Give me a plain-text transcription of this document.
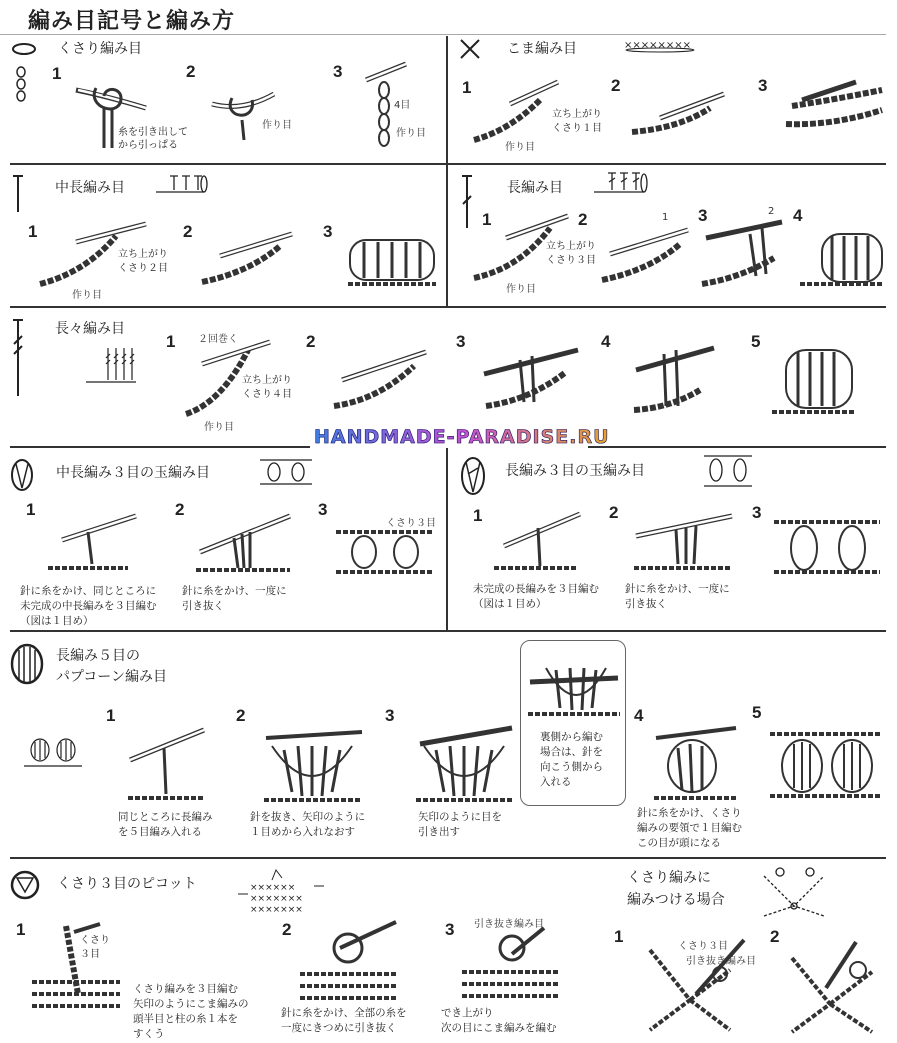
編み目記号と編み方
HANDMADE-PARADISE.RU
くさり編み目
1	2	3
糸を引き出して
から引っぱる
作り目
4目
作り目
こま編み目	××××××××
1	2	3
立ち上がり
くさり１目
作り目
中長編み目
1	2	3
立ち上がり
くさり２目
作り目
長編み目
1	2	3	4
立ち上がり
くさり３目
作り目
1
2
長々編み目
1	2	3	4	5
２回巻く
立ち上がり
くさり４目
作り目
中長編み３目の玉編み目
1	2	3
くさり３目
針に糸をかけ、同じところに
未完成の中長編みを３目編む
（図は１目め）
針に糸をかけ、一度に
引き抜く
長編み３目の玉編み目
1	2	3
未完成の長編みを３目編む
（図は１目め）
針に糸をかけ、一度に
引き抜く
長編み５目の
パプコーン編み目
1	2	3	4	5
同じところに長編み
を５目編み入れる
針を抜き、矢印のように
１目めから入れなおす
矢印のように目を
引き出す
裏側から編む
場合は、針を
向こう側から
入れる
針に糸をかけ、くさり
編みの要領で１目編む
この目が頭になる
くさり３目のピコット	××××××
×××××××
×××××××
1	2	3
くさり
３目
くさり編みを３目編む
矢印のようにこま編みの
頭半目と柱の糸１本を
すくう
針に糸をかけ、全部の糸を
一度にきつめに引き抜く
引き抜き編み目
でき上がり
次の目にこま編みを編む
くさり編みに
編みつける場合
1	2
くさり３目
引き抜き編み目
